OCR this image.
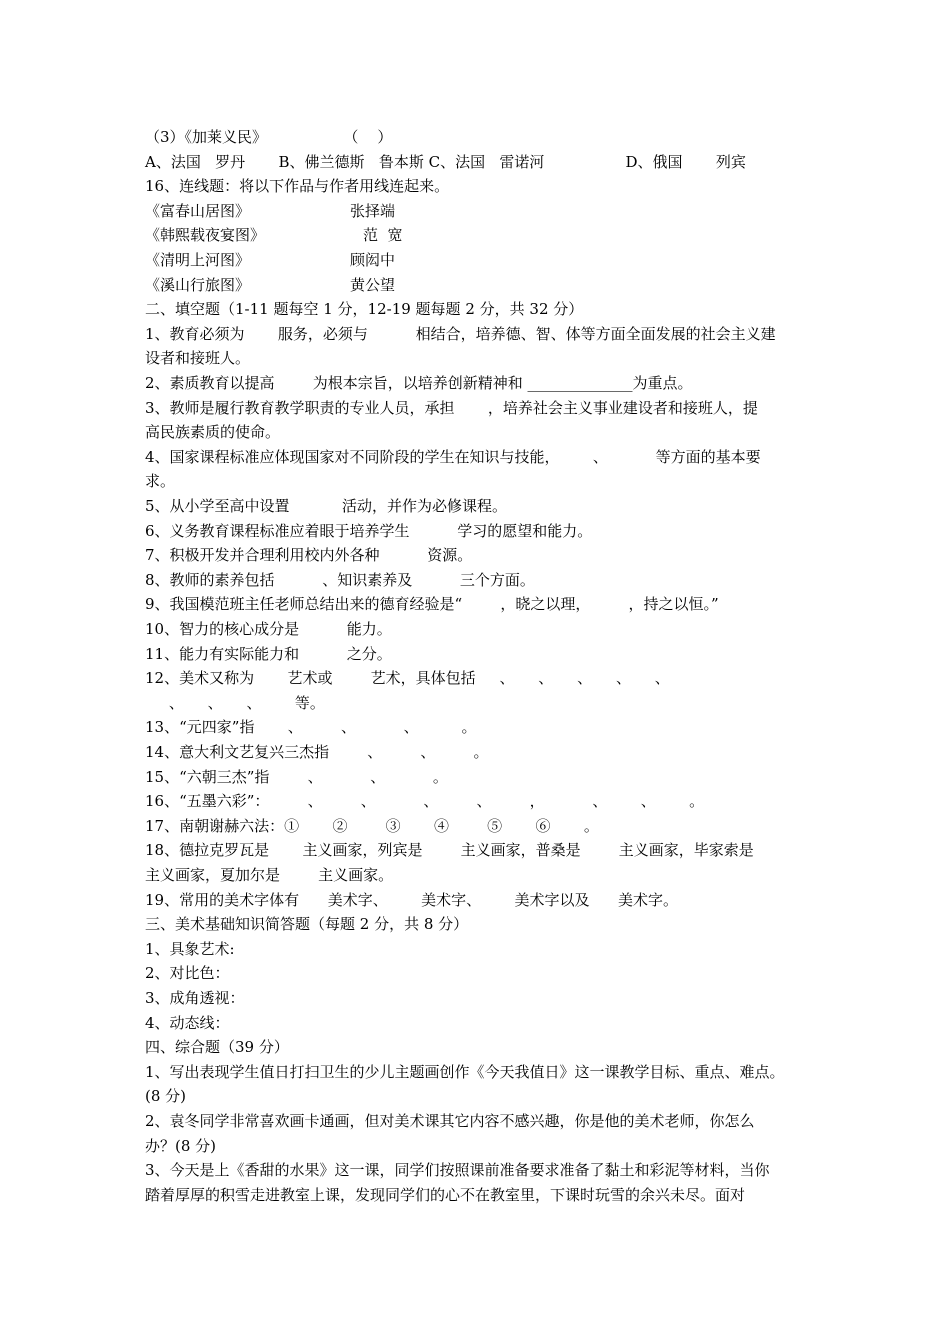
（3）《加莱义民》                （    ）
A、法国   罗丹       B、佛兰德斯   鲁本斯 C、法国   雷诺河                 D、俄国       列宾
16、连线题：将以下作品与作者用线连起来。
二、填空题（1-11 题每空 1 分，12-19 题每题 2 分，共 32 分）
1、教育必须为       服务，必须与          相结合，培养德、智、体等方面全面发展的社会主义建
设者和接班人。
2、素质教育以提高        为根本宗旨，以培养创新精神和 ______________为重点。
3、教师是履行教育教学职责的专业人员，承担       ，培养社会主义事业建设者和接班人，提
高民族素质的使命。
4、国家课程标准应体现国家对不同阶段的学生在知识与技能，       、          等方面的基本要
求。
5、从小学至高中设置           活动，并作为必修课程。
6、义务教育课程标准应着眼于培养学生          学习的愿望和能力。
7、积极开发并合理利用校内外各种          资源。
8、教师的素养包括          、知识素养及          三个方面。
9、我国模范班主任老师总结出来的德育经验是“        ，晓之以理，        ，持之以恒。”
10、智力的核心成分是          能力。
11、能力有实际能力和          之分。
12、美术又称为       艺术或        艺术，具体包括     、     、     、     、     、
、     、     、       等。
13、“元四家”指       、        、          、         。
14、意大利文艺复兴三杰指        、        、        。
15、“六朝三杰”指        、          、          。
16、“五墨六彩”：        、        、          、        、        ，          、       、       。
17、南朝谢赫六法：①       ②        ③       ④        ⑤       ⑥       。
18、德拉克罗瓦是       主义画家，列宾是        主义画家，普桑是        主义画家，毕家索是
主义画家，夏加尔是        主义画家。
19、常用的美术字体有      美术字、       美术字、       美术字以及      美术字。
三、美术基础知识简答题（每题 2 分，共 8 分）
1、具象艺术:
2、对比色：
3、成角透视：
4、动态线：
四、综合题（39 分）
1、写出表现学生值日打扫卫生的少儿主题画创作《今天我值日》这一课教学目标、重点、难点。
(8 分)
2、袁冬同学非常喜欢画卡通画，但对美术课其它内容不感兴趣，你是他的美术老师，你怎么
办？(8 分)
3、今天是上《香甜的水果》这一课，同学们按照课前准备要求准备了黏土和彩泥等材料，当你
踏着厚厚的积雪走进教室上课，发现同学们的心不在教室里，下课时玩雪的余兴未尽。面对
《富春山居图》	张择端
《韩熙载夜宴图》	范  宽
《清明上河图》	顾闳中
《溪山行旅图》	黄公望
